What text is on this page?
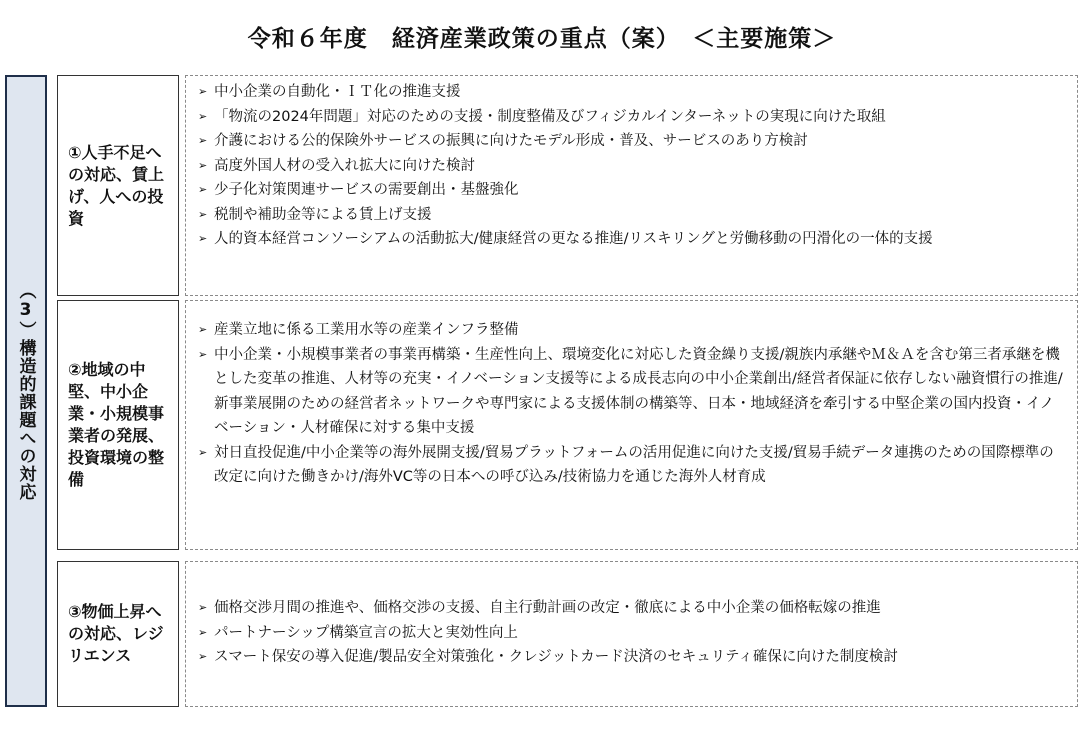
令和６年度　経済産業政策の重点（案）　＜主要施策＞
（3）構造的課題への対応
①人手不足への対応、賃上げ、人への投資
➢ 中小企業の自動化・ＩＴ化の推進支援
➢ 「物流の2024年問題」対応のための支援・制度整備及びフィジカルインターネットの実現に向けた取組
➢ 介護における公的保険外サービスの振興に向けたモデル形成・普及、サービスのあり方検討
➢ 高度外国人材の受入れ拡大に向けた検討
➢ 少子化対策関連サービスの需要創出・基盤強化
➢ 税制や補助金等による賃上げ支援
➢ 人的資本経営コンソーシアムの活動拡大/健康経営の更なる推進/リスキリングと労働移動の円滑化の一体的支援
②地域の中堅、中小企業・小規模事業者の発展、投資環境の整備
➢ 産業立地に係る工業用水等の産業インフラ整備
➢ 中小企業・小規模事業者の事業再構築・生産性向上、環境変化に対応した資金繰り支援/親族内承継やＭ＆Ａを含む第三者承継を機とした変革の推進、人材等の充実・イノベーション支援等による成長志向の中小企業創出/経営者保証に依存しない融資慣行の推進/新事業展開のための経営者ネットワークや専門家による支援体制の構築等、日本・地域経済を牽引する中堅企業の国内投資・イノベーション・人材確保に対する集中支援
➢ 対日直投促進/中小企業等の海外展開支援/貿易プラットフォームの活用促進に向けた支援/貿易手続データ連携のための国際標準の改定に向けた働きかけ/海外VC等の日本への呼び込み/技術協力を通じた海外人材育成
③物価上昇への対応、レジリエンス
➢ 価格交渉月間の推進や、価格交渉の支援、自主行動計画の改定・徹底による中小企業の価格転嫁の推進
➢ パートナーシップ構築宣言の拡大と実効性向上
➢ スマート保安の導入促進/製品安全対策強化・クレジットカード決済のセキュリティ確保に向けた制度検討
